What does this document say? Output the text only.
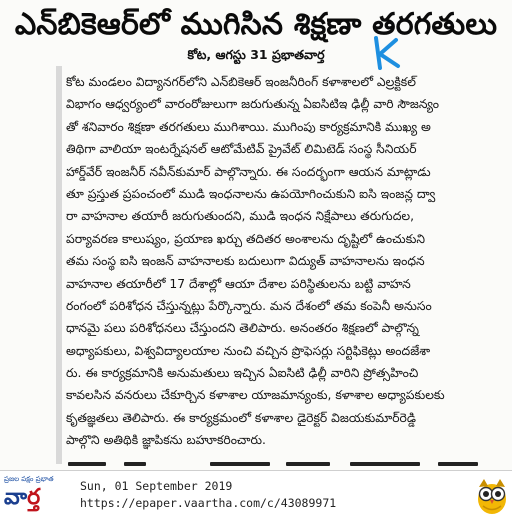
ఎన్‌బికెఆర్‌లో ముగిసిన శిక్షణా తరగతులు
కోట, ఆగస్టు 31 ప్రభాతవార్త
కోట మండలం విద్యానగర్‌లోని ఎన్‌బికెఆర్ ఇంజనీరింగ్ కళాశాలలో ఎల్రక్టికల్
విభాగం ఆధ్వర్యంలో వారంరోజులుగా జరుగుతున్న ఏఐసిటిఇ ఢిల్లీ వారి సౌజన్యం
తో శనివారం శిక్షణా తరగతులు ముగిశాయి. ముగింపు కార్యక్రమానికి ముఖ్య అ
తిథిగా వాలియా ఇంటర్నేషనల్ ఆటోమేటివ్ ప్రైవేట్ లిమిటెడ్ సంస్థ సీనియర్
హార్డ్‌వేర్ ఇంజనీర్ నవీన్‌కుమార్ పాల్గొన్నారు. ఈ సందర్భంగా ఆయన మాట్లాడు
తూ ప్రస్తుత ప్రపంచంలో ముడి ఇంధనాలను ఉపయోగించుకుని ఐసి ఇంజన్ల ద్వా
రా వాహనాల తయారీ జరుగుతుందని, ముడి ఇంధన నిక్షేపాలు తరుగుదల,
పర్యావరణ కాలుష్యం, ప్రయాణ ఖర్చు తదితర అంశాలను దృష్టిలో ఉంచుకుని
తమ సంస్థ ఐసి ఇంజన్ వాహనాలకు బదులుగా విద్యుత్ వాహనాలను ఇంధన
వాహనాల తయారీలో 17 దేశాల్లో ఆయా దేశాల పరిస్థితులను బట్టి వాహన
రంగంలో పరిశోధన చేస్తున్నట్లు పేర్కొన్నారు. మన దేశంలో తమ కంపెనీ అనుసం
ధానమై పలు పరిశోధనలు చేస్తుందని తెలిపారు. అనంతరం శిక్షణలో పాల్గొన్న
అధ్యాపకులు, విశ్వవిద్యాలయాల నుంచి వచ్చిన ప్రొఫెసర్లు సర్టిఫికెట్లు అందజేశా
రు. ఈ కార్యక్రమానికి అనుమతులు ఇచ్చిన ఏఐసిటి ఢిల్లీ వారిని ప్రోత్సహించి
కావలసిన వనరులు చేకూర్చిన కళాశాల యాజమాన్యంకు, కళాశాల అధ్యాపకులకు
కృతజ్ఞతలు తెలిపారు. ఈ కార్యక్రమంలో కళాశాల డైరెక్టర్ విజయకుమార్‌రెడ్డి
పాల్గొని అతిథికి జ్ఞాపికను బహూకరించారు.
ప్రజల పక్షం ప్రభాత
వార్త	Sun, 01 September 2019
https://epaper.vaartha.com/c/43089971
